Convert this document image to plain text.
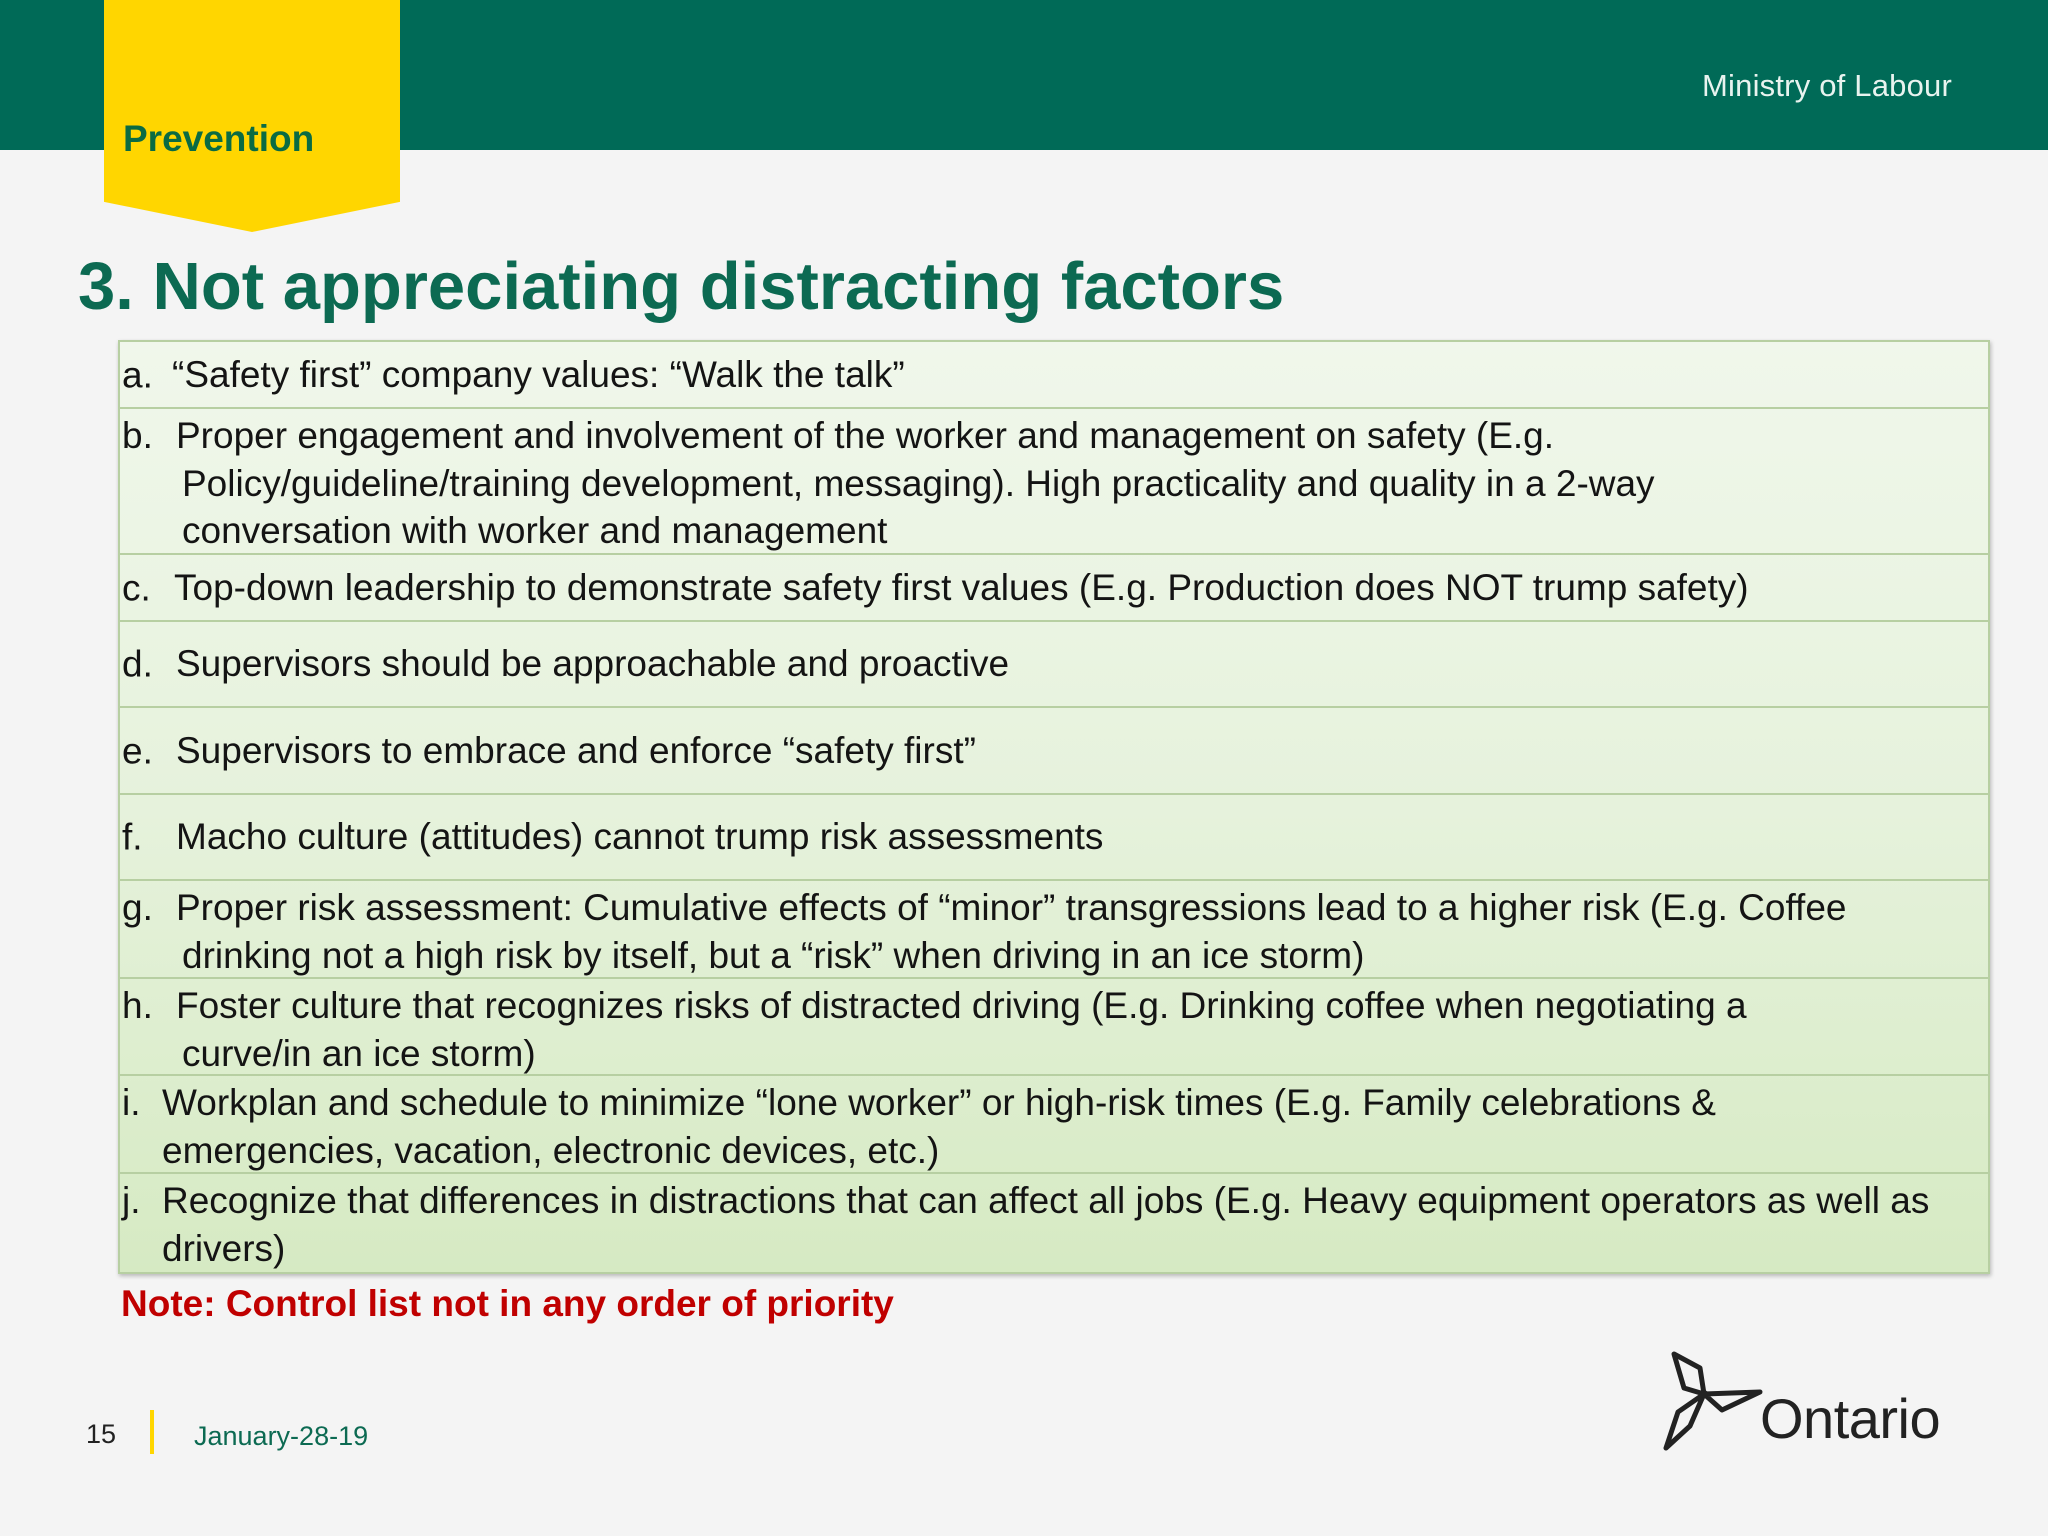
Ministry of Labour
Prevention
3. Not appreciating distracting factors
a. “Safety first” company values: “Walk the talk”
b. Proper engagement and involvement of the worker and management on safety (E.g. Policy/guideline/training development, messaging). High practicality and quality in a 2-way conversation with worker and management
c. Top-down leadership to demonstrate safety first values (E.g. Production does NOT trump safety)
d. Supervisors should be approachable and proactive
e. Supervisors to embrace and enforce “safety first”
f. Macho culture (attitudes) cannot trump risk assessments
g. Proper risk assessment: Cumulative effects of “minor” transgressions lead to a higher risk (E.g. Coffee drinking not a high risk by itself, but a “risk” when driving in an ice storm)
h. Foster culture that recognizes risks of distracted driving (E.g. Drinking coffee when negotiating a curve/in an ice storm)
i. Workplan and schedule to minimize “lone worker” or high-risk times (E.g. Family celebrations & emergencies, vacation, electronic devices, etc.)
j. Recognize that differences in distractions that can affect all jobs (E.g. Heavy equipment operators as well as drivers)
Note: Control list not in any order of priority
15	January-28-19	Ontario
